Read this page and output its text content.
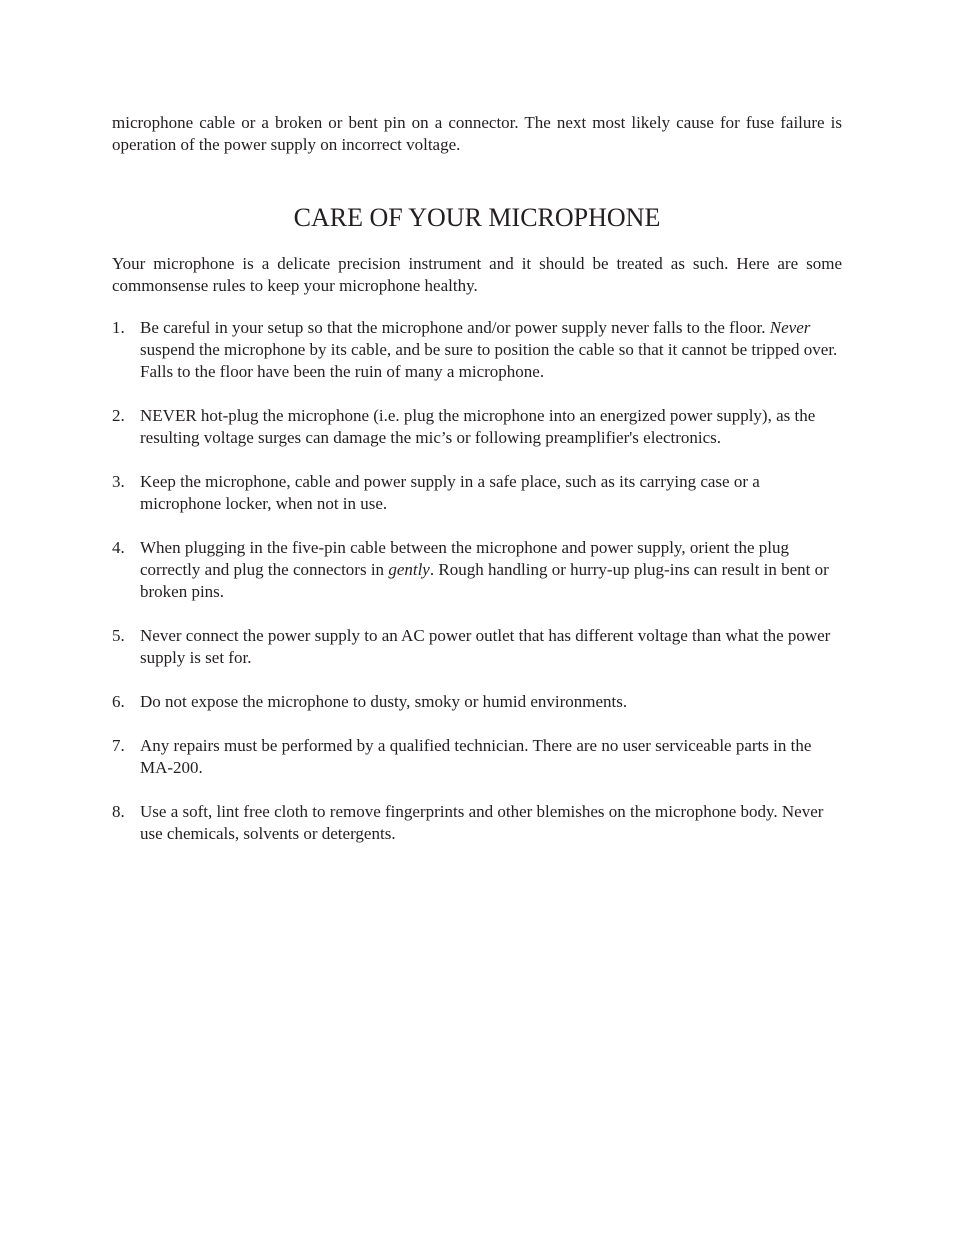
microphone cable or a broken or bent pin on a connector. The next most likely cause for fuse failure is operation of the power supply on incorrect voltage.

CARE OF YOUR MICROPHONE

Your microphone is a delicate precision instrument and it should be treated as such. Here are some commonsense rules to keep your microphone healthy.

1. Be careful in your setup so that the microphone and/or power supply never falls to the floor. Never suspend the microphone by its cable, and be sure to position the cable so that it cannot be tripped over. Falls to the floor have been the ruin of many a microphone.
2. NEVER hot-plug the microphone (i.e. plug the microphone into an energized power supply), as the resulting voltage surges can damage the mic’s or following preamplifier's electronics.
3. Keep the microphone, cable and power supply in a safe place, such as its carrying case or a microphone locker, when not in use.
4. When plugging in the five-pin cable between the microphone and power supply, orient the plug correctly and plug the connectors in gently. Rough handling or hurry-up plug-ins can result in bent or broken pins.
5. Never connect the power supply to an AC power outlet that has different voltage than what the power supply is set for.
6. Do not expose the microphone to dusty, smoky or humid environments.
7. Any repairs must be performed by a qualified technician. There are no user serviceable parts in the MA-200.
8. Use a soft, lint free cloth to remove fingerprints and other blemishes on the microphone body. Never use chemicals, solvents or detergents.
